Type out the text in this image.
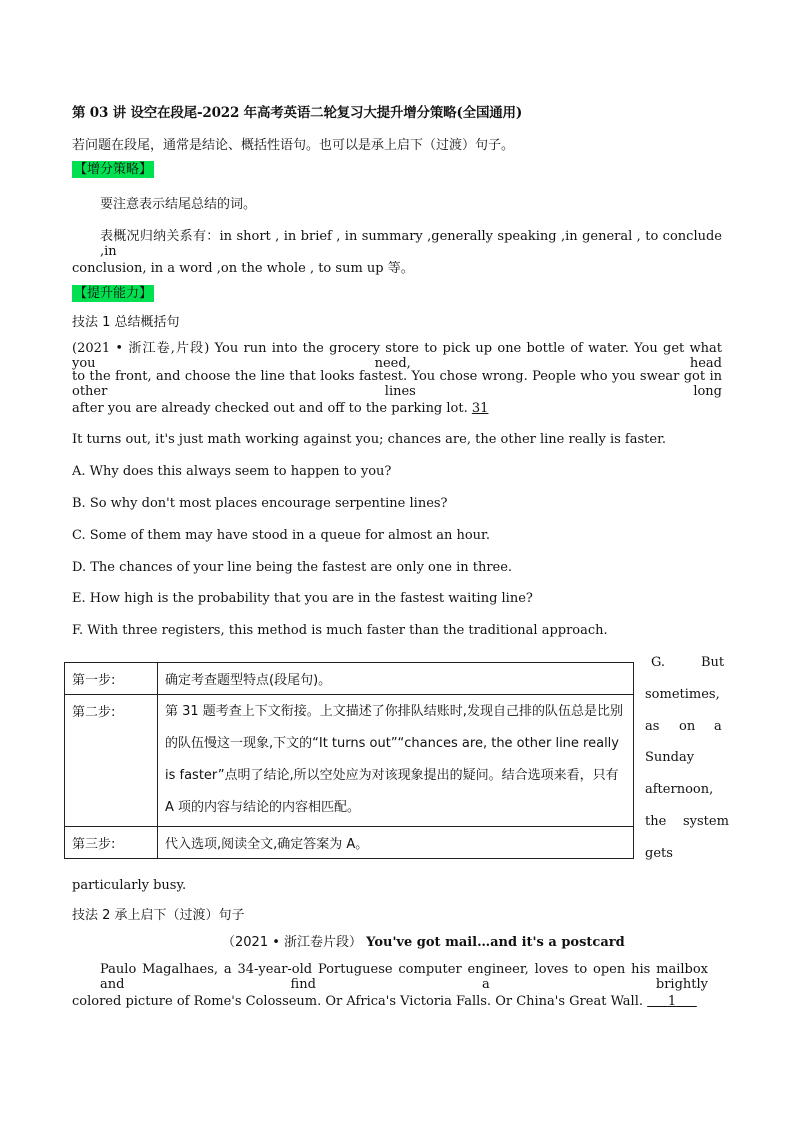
第 03 讲 设空在段尾-2022 年高考英语二轮复习大提升增分策略(全国通用)
若问题在段尾，通常是结论、概括性语句。也可以是承上启下（过渡）句子。
【增分策略】
要注意表示结尾总结的词。
表概况归纳关系有：in short , in brief , in summary ,generally speaking ,in general , to conclude ,in
conclusion, in a word ,on the whole , to sum up 等。
【提升能力】
技法 1 总结概括句
(2021 • 浙江卷,片段) You run into the grocery store to pick up one bottle of water. You get what you need, head
to the front, and choose the line that looks fastest. You chose wrong. People who you swear got in other lines long
after you are already checked out and off to the parking lot. 31
It turns out, it's just math working against you; chances are, the other line really is faster.
A. Why does this always seem to happen to you?
B. So why don't most places encourage serpentine lines?
C. Some of them may have stood in a queue for almost an hour.
D. The chances of your line being the fastest are only one in three.
E. How high is the probability that you are in the fastest waiting line?
F. With three registers, this method is much faster than the traditional approach.
第一步:	确定考查题型特点(段尾句)。
第二步:	第 31 题考查上下文衔接。上文描述了你排队结账时,发现自己排的队伍总是比别的队伍慢这一现象,下文的“It turns out”“chances are, the other line really is faster”点明了结论,所以空处应为对该现象提出的疑问。结合选项来看，只有 A 项的内容与结论的内容相匹配。

第三步:	代入选项,阅读全文,确定答案为 A。
G.	But
sometimes,
as on a
Sunday
afternoon,
the system
gets
particularly busy.
技法 2 承上启下（过渡）句子
（2021 • 浙江卷片段） You've got mail…and it's a postcard
Paulo Magalhaes, a 34-year-old Portuguese computer engineer, loves to open his mailbox and find a brightly
colored picture of Rome's Colosseum. Or Africa's Victoria Falls. Or China's Great Wall. 1
